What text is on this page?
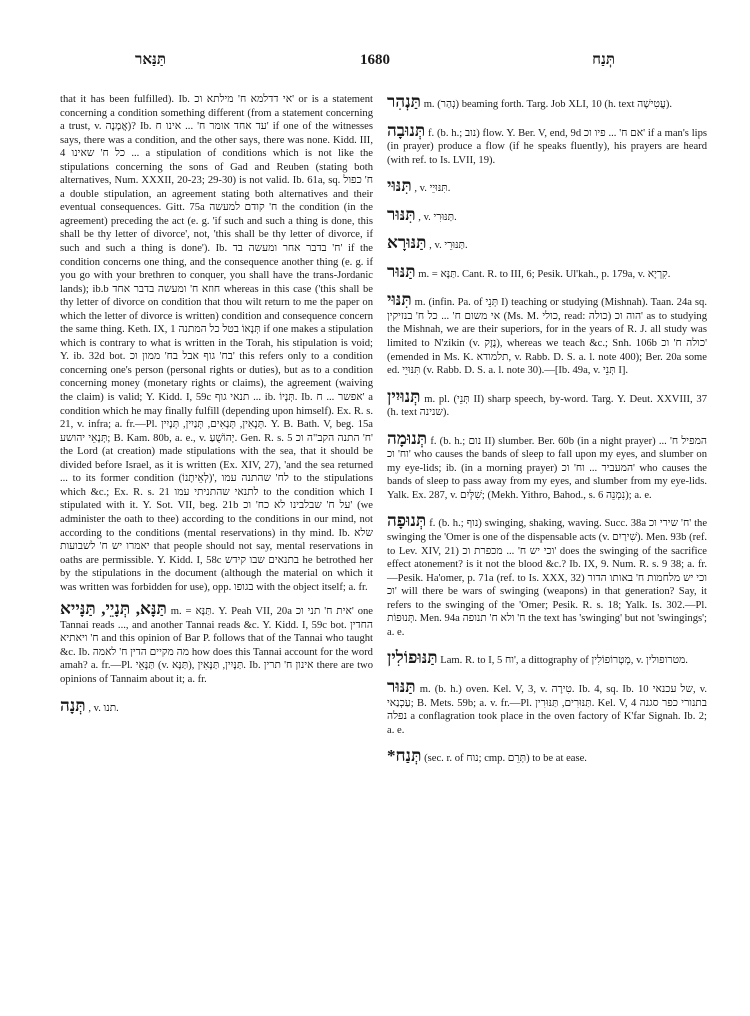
תַּנַּאר	1680	תְּנַח

that it has been fulfilled). Ib. אי דדלמא ח' מילתא וכ' or is a statement concerning a condition something different (from a statement concerning a trust, v. אֲמָנָה)? Ib. עד אחד אומר ח' ... אינו ח' if one of the witnesses says, there was a condition, and the other says, there was none. Kidd. III, 4 כל ח' שאינו ... a stipulation of conditions which is not like the stipulations concerning the sons of Gad and Reuben (stating both alternatives, Num. XXXII, 20-23; 29-30) is not valid. Ib. 61a, sq. ח' כפול a double stipulation, an agreement stating both alternatives and their eventual consequences. Gitt. 75a ח' קודם למעשה the condition (in the agreement) preceding the act (e. g. 'if such and such a thing is done, this shall be thy letter of divorce', not, 'this shall be thy letter of divorce, if such and such a thing is done'). Ib. ח' בדבר אחר ומעשה בד' if the condition concerns one thing, and the consequence another thing (e. g. if you go with your brethren to conquer, you shall have the trans-Jordanic lands); ib.b חוזא ח' ומעשה בדבר אחד whereas in this case ('this shall be thy letter of divorce on condition that thou wilt return to me the paper on which the letter of divorce is written) condition and consequence concern the same thing. Keth. IX, 1 תְּנָאוֹ בטל כל המתנה if one makes a stipulation which is contrary to what is written in the Torah, his stipulation is void; Y. ib. 32d bot. בח' גוף אבל בח' ממון וכ' this refers only to a condition concerning one's person (personal rights or duties), but as to a condition concerning money (monetary rights or claims), the agreement (waiving the claim) is valid; Y. Kidd. I, 59c תנאי גוף ... ib. תְּנָיוֹ. Ib. אפשר ... ח' a condition which he may finally fulfill (depending upon himself). Ex. R. s. 21, v. infra; a. fr.—Pl. תְּנָאִין, תְּנָאִים, תְּנַיִין, תְּנָיִין. Y. B. Bath. V, beg. 15a תְּנָאֵי יהושע; B. Kam. 80b, a. e., v. יְהוֹשֻׁעַ. Gen. R. s. 5 ח' התנה הקב"ה וכ' the Lord (at creation) made stipulations with the sea, that it should be divided before Israel, as it is written (Ex. XIV, 27), 'and the sea returned ... to its former condition (לְאֵיתָנוֹ)', לח' שהתנה עמו to the stipulations which &c.; Ex. R. s. 21 לתנאי שהתניתי עמו to the condition which I stipulated with it. Y. Sot. VII, beg. 21b על ח' שבלבינו לא כח' וכ' (we administer the oath to thee) according to the conditions in our mind, not according to the conditions (mental reservations) in thy mind. Ib. שלא יאמרו יש ח' לשבועות that people should not say, mental reservations in oaths are permissible. Y. Kidd. I, 58c בתנאים שבו קידש he betrothed her by the stipulations in the document (although the material on which it was written was forbidden for use), opp. בגופו with the object itself; a. fr.

תַּנָּא, תְּנָיֵי, תַּנָּייא m. = תַּנָּא. Y. Peah VII, 20a אית ח' תני וכ' one Tannai reads ..., and another Tannai reads &c. Y. Kidd. I, 59c bot. החדין ח' ויאתיא and this opinion of Bar P. follows that of the Tannai who taught &c. Ib. מה מקיים הדין ח' לאמה how does this Tannai account for the word amah? a. fr.—Pl. תַּנָּאֵי (v. תַּנָּא), תַּנָּיִין, תַּנָּאִין. Ib. אינון ח' תרין there are two opinions of Tannaim about it; a. fr.
תְּנָה , v. תנו.
תַּנְהִר m. (נְהַר) beaming forth. Targ. Job XLI, 10 (h. text עֲטִישָׁה).
תְּנוּבָה f. (b. h.; נוב) flow. Y. Ber. V, end, 9d אם ח' ... פיו וכ' if a man's lips (in prayer) produce a flow (if he speaks fluently), his prayers are heard (with ref. to Is. LVII, 19).
תִּנּוּי , v. תִּנּוּיֵי.
תִּנּוּר , v. תַּנּוּרִי.
תַּנּוּרָא , v. תַּנּוּרֵי.
תַּנּוּר m. = תַּנָּא. Cant. R. to III, 6; Pesik. Ul'kah., p. 179a, v. קִרְיָא.
תִּנּוּי m. (infin. Pa. of תְּנֵי I) teaching or studying (Mishnah). Taan. 24a sq. אי משום ח' ... כל ח' בנזיקין (Ms. M. כולי, read: כולה) הוה וכ' as to studying the Mishnah, we are their superiors, for in the years of R. J. all study was limited to N'zikin (v. נֶזֶק), whereas we teach &c.; Snh. 106b כולה ח' וכ' (emended in Ms. K. תלמודא, v. Rabb. D. S. a. l. note 400); Ber. 20a some ed. תִּנּוּיֵי (v. Rabb. D. S. a. l. note 30).—[Ib. 49a, v. תְּנֵי I].
תְּנוּיִין m. pl. (תְּנֵי II) sharp speech, by-word. Targ. Y. Deut. XXVIII, 37 (h. text שנינה).
תְּנוּמָה f. (b. h.; נום II) slumber. Ber. 60b (in a night prayer) המפיל ח' ... וח' וכ' who causes the bands of sleep to fall upon my eyes, and slumber on my eye-lids; ib. (in a morning prayer) המעביר ... וח' וכ' who causes the bands of sleep to pass away from my eyes, and slumber from my eye-lids. Yalk. Ex. 287, v. שִׁלְּיִם; (Mekh. Yithro, Bahod., s. 6 נִמְנֵה); a. e.
תְּנוּפָה f. (b. h.; נוף) swinging, shaking, waving. Succ. 38a ח' שירי וכ' the swinging the 'Omer is one of the dispensable acts (v. שִׁירַיִם). Men. 93b (ref. to Lev. XIV, 21) וכי יש ח' ... מכפרת וכ' does the swinging of the sacrifice effect atonement? is it not the blood &c.? Ib. IX, 9. Num. R. s. 9 38; a. fr.—Pesik. Ha'omer, p. 71a (ref. to Is. XXX, 32) וכי יש מלחמות ח' באותו הדור וכ' will there be wars of swinging (weapons) in that generation? Say, it refers to the swinging of the 'Omer; Pesik. R. s. 18; Yalk. Is. 302.—Pl. תְּנוּפוֹת. Men. 94a ח' ולא ח' תנופה the text has 'swinging' but not 'swingings'; a. e.
תַּנּוּפוֹלִין Lam. R. to I, 5 וח', a dittography of מְטְרוֹפוֹלִין, v. מטרופולין.
תַּנּוּר m. (b. h.) oven. Kel. V, 3, v. טִירָה. Ib. 4, sq. Ib. 10 של עכנאי, v. עַכְנַאי; B. Mets. 59b; a. v. fr.—Pl. תַּנּוּרִים, תַּנּוּרִין. Kel. V, 4 בתנורי כפר סגנה נפלה a conflagration took place in the oven factory of K'far Signah. Ib. 2; a. e.
*תְּנַח (sec. r. of נוח; cmp. תְּרֵם) to be at ease.
